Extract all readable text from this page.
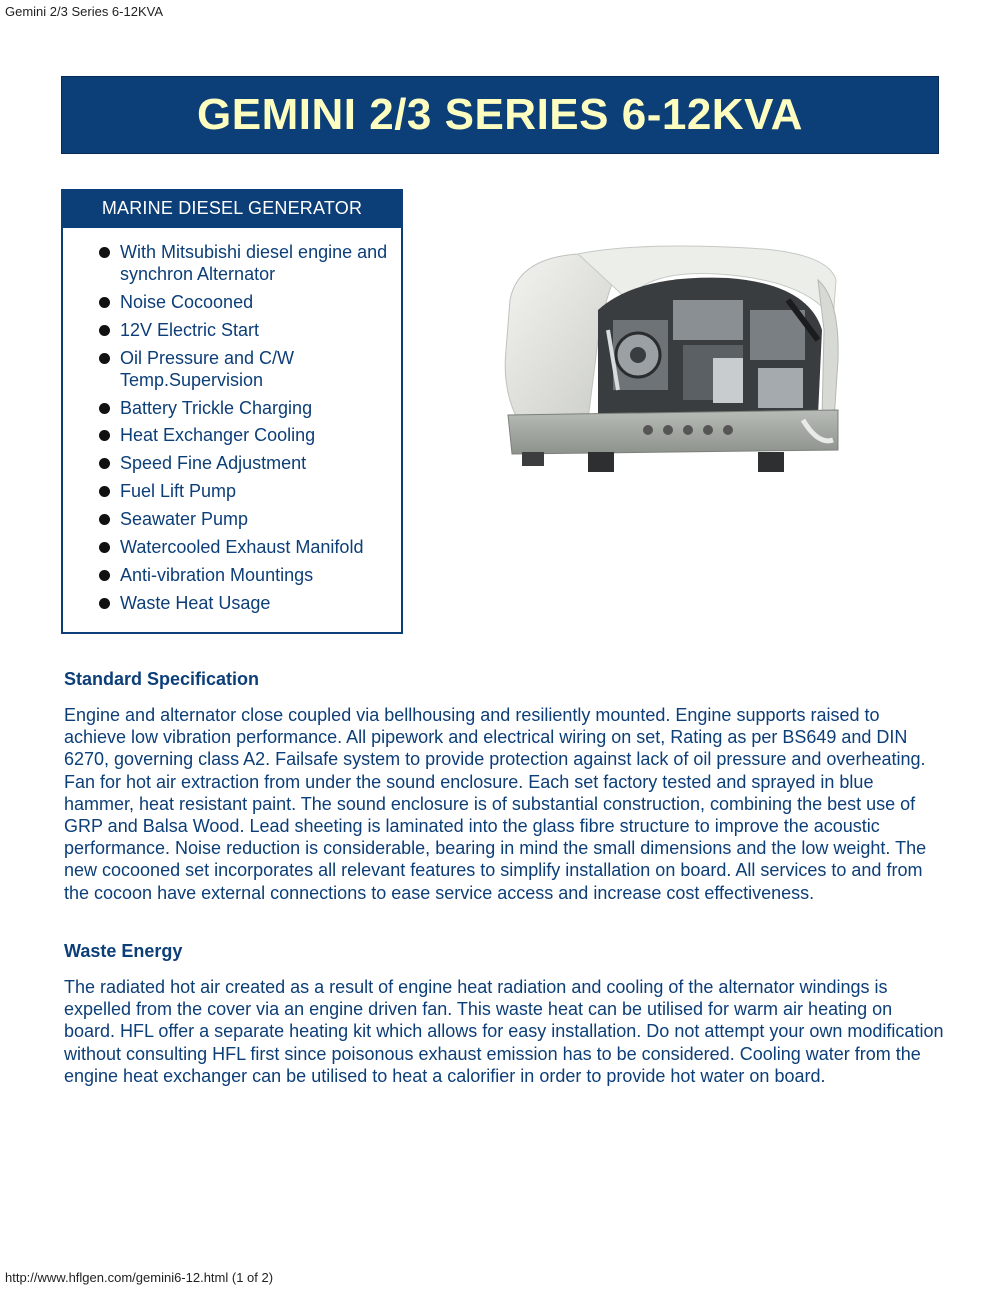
Gemini 2/3 Series 6-12KVA
GEMINI 2/3 SERIES 6-12KVA
MARINE DIESEL GENERATOR
With Mitsubishi diesel engine and synchron Alternator
Noise Cocooned
12V Electric Start
Oil Pressure and C/W Temp.Supervision
Battery Trickle Charging
Heat Exchanger Cooling
Speed Fine Adjustment
Fuel Lift Pump
Seawater Pump
Watercooled Exhaust Manifold
Anti-vibration Mountings
Waste Heat Usage
Standard Specification

Engine and alternator close coupled via bellhousing and resiliently mounted. Engine supports raised to achieve low vibration performance. All pipework and electrical wiring on set, Rating as per BS649 and DIN 6270, governing class A2. Failsafe system to provide protection against lack of oil pressure and overheating. Fan for hot air extraction from under the sound enclosure. Each set factory tested and sprayed in blue hammer, heat resistant paint. The sound enclosure is of substantial construction, combining the best use of GRP and Balsa Wood. Lead sheeting is laminated into the glass fibre structure to improve the acoustic performance. Noise reduction is considerable, bearing in mind the small dimensions and the low weight. The new cocooned set incorporates all relevant features to simplify installation on board. All services to and from the cocoon have external connections to ease service access and increase cost effectiveness.

Waste Energy

The radiated hot air created as a result of engine heat radiation and cooling of the alternator windings is expelled from the cover via an engine driven fan. This waste heat can be utilised for warm air heating on board. HFL offer a separate heating kit which allows for easy installation. Do not attempt your own modification without consulting HFL first since poisonous exhaust emission has to be considered. Cooling water from the engine heat exchanger can be utilised to heat a calorifier in order to provide hot water on board.

http://www.hflgen.com/gemini6-12.html (1 of 2)
